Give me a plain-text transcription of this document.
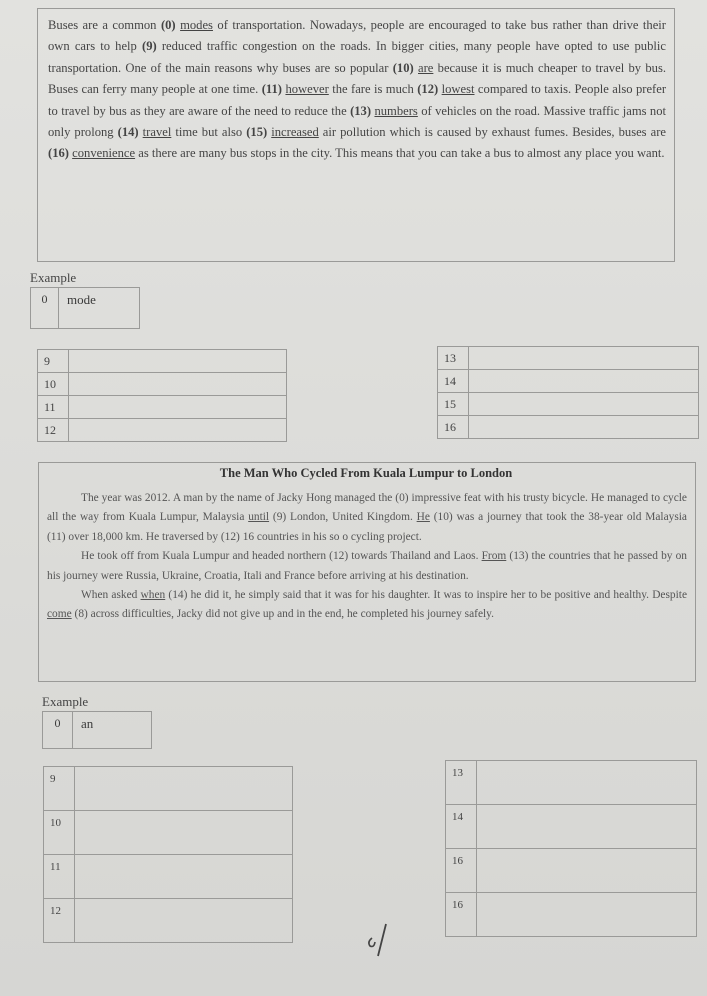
Buses are a common (0) modes of transportation. Nowadays, people are encouraged to take bus rather than drive their own cars to help (9) reduced traffic congestion on the roads. In bigger cities, many people have opted to use public transportation. One of the main reasons why buses are so popular (10) are because it is much cheaper to travel by bus. Buses can ferry many people at one time. (11) however the fare is much (12) lowest compared to taxis. People also prefer to travel by bus as they are aware of the need to reduce the (13) numbers of vehicles on the road. Massive traffic jams not only prolong (14) travel time but also (15) increased air pollution which is caused by exhaust fumes. Besides, buses are (16) convenience as there are many bus stops in the city. This means that you can take a bus to almost any place you want.
Example
0	mode
9	
10	
11	
12	
13	
14	
15	
16	

The year was 2012. A man by the name of Jacky Hong managed the (0) impressive feat with his trusty bicycle. He managed to cycle all the way from Kuala Lumpur, Malaysia until (9) London, United Kingdom. He (10) was a journey that took the 38-year old Malaysia (11) over 18,000 km. He traversed by (12) 16 countries in his so o cycling project.

He took off from Kuala Lumpur and headed northern (12) towards Thailand and Laos. From (13) the countries that he passed by on his journey were Russia, Ukraine, Croatia, Itali and France before arriving at his destination.

When asked when (14) he did it, he simply said that it was for his daughter. It was to inspire her to be positive and healthy. Despite come (8) across difficulties, Jacky did not give up and in the end, he completed his journey safely.

The Man Who Cycled From Kuala Lumpur to London
Example
0	an
9	
10	
11	
12	
13	
14	
16	
16	
